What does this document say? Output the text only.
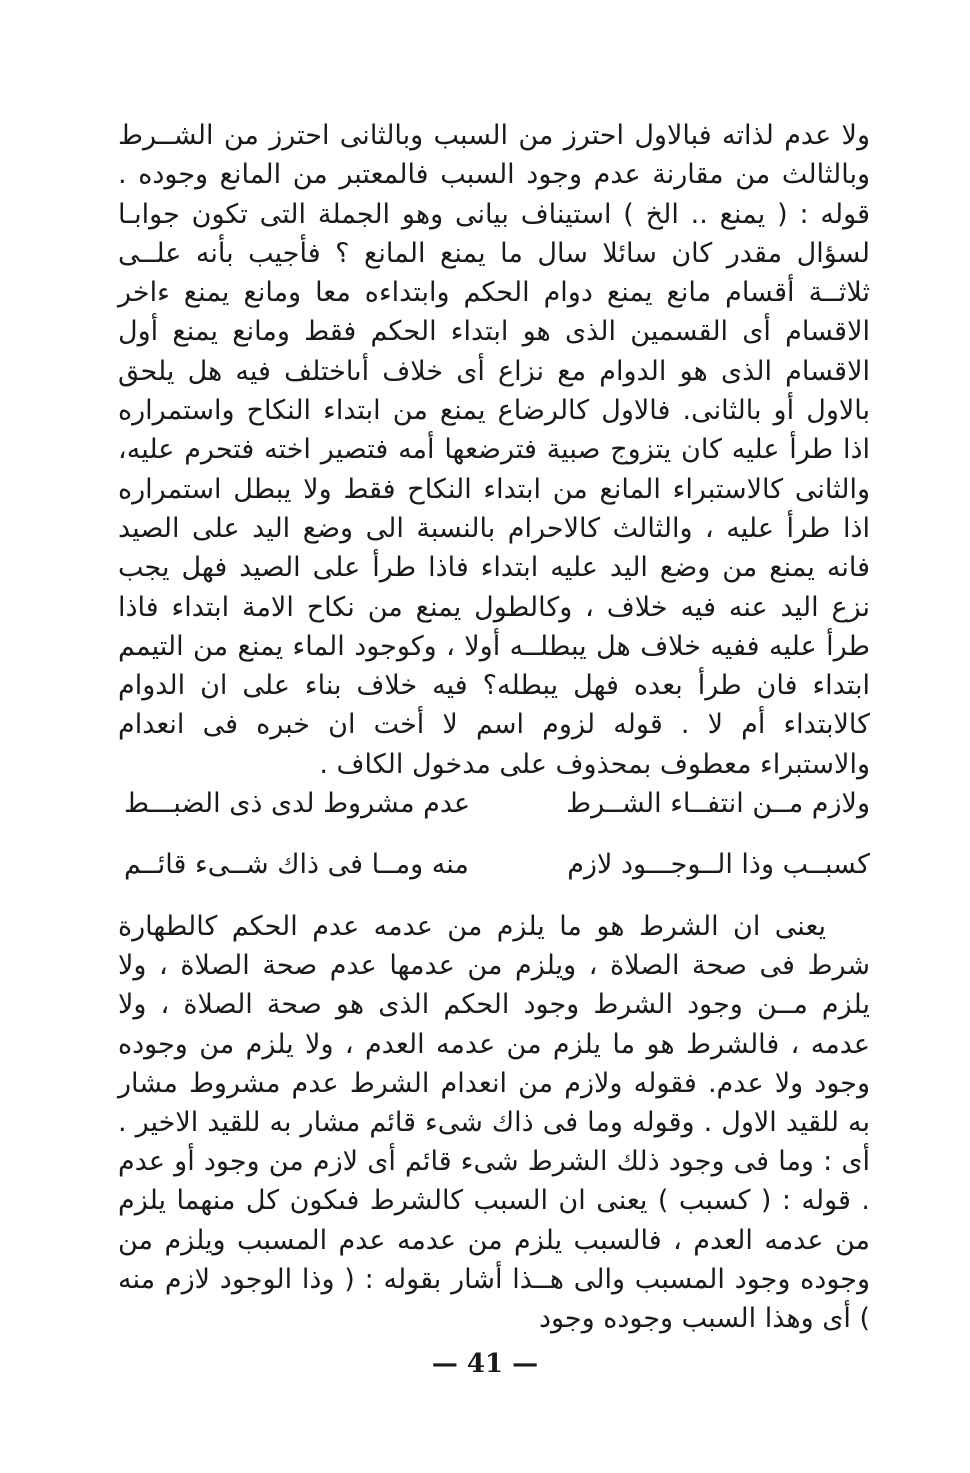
ولا عدم لذاته فبالاول احترز من السبب وبالثانى احترز من الشــرط وبالثالث من مقارنة عدم وجود السبب فالمعتبر من المانع وجوده . قوله : ( يمنع .. الخ ) استيناف بيانى وهو الجملة التى تكون جوابـا لسؤال مقدر كان سائلا سال ما يمنع المانع ؟ فأجيب بأنه علــى ثلاثــة أقسام مانع يمنع دوام الحكم وابتداءه معا ومانع يمنع ءاخر الاقسام أى القسمين الذى هو ابتداء الحكم فقط ومانع يمنع أول الاقسام الذى هو الدوام مع نزاع أى خلاف أىاختلف فيه هل يلحق بالاول أو بالثانى. فالاول كالرضاع يمنع من ابتداء النكاح واستمراره اذا طرأ عليه كان يتزوج صبية فترضعها أمه فتصير اخته فتحرم عليه، والثانى كالاستبراء المانع من ابتداء النكاح فقط ولا يبطل استمراره اذا طرأ عليه ، والثالث كالاحرام بالنسبة الى وضع اليد على الصيد فانه يمنع من وضع اليد عليه ابتداء فاذا طرأ على الصيد فهل يجب نزع اليد عنه فيه خلاف ، وكالطول يمنع من نكاح الامة ابتداء فاذا طرأ عليه ففيه خلاف هل يبطلــه أولا ، وكوجود الماء يمنع من التيمم ابتداء فان طرأ بعده فهل يبطله؟ فيه خلاف بناء على ان الدوام كالابتداء أم لا . قوله لزوم اسم لا أخت ان خبره فى انعدام والاستبراء معطوف بمحذوف على مدخول الكاف .

ولازم مــن انتفــاء الشــرط
عدم مشروط لدى ذى الضبـــط
كسبــب وذا الــوجـــود لازم
منه ومــا فى ذاك شــىء قائــم

يعنى ان الشرط هو ما يلزم من عدمه عدم الحكم كالطهارة شرط فى صحة الصلاة ، ويلزم من عدمها عدم صحة الصلاة ، ولا يلزم مــن وجود الشرط وجود الحكم الذى هو صحة الصلاة ، ولا عدمه ، فالشرط هو ما يلزم من عدمه العدم ، ولا يلزم من وجوده وجود ولا عدم. فقوله ولازم من انعدام الشرط عدم مشروط مشار به للقيد الاول . وقوله وما فى ذاك شىء قائم مشار به للقيد الاخير . أى : وما فى وجود ذلك الشرط شىء قائم أى لازم من وجود أو عدم . قوله : ( كسبب ) يعنى ان السبب كالشرط فىكون كل منهما يلزم من عدمه العدم ، فالسبب يلزم من عدمه عدم المسبب ويلزم من وجوده وجود المسبب والى هــذا أشار بقوله : ( وذا الوجود لازم منه ) أى وهذا السبب وجوده وجود

— 41 —
